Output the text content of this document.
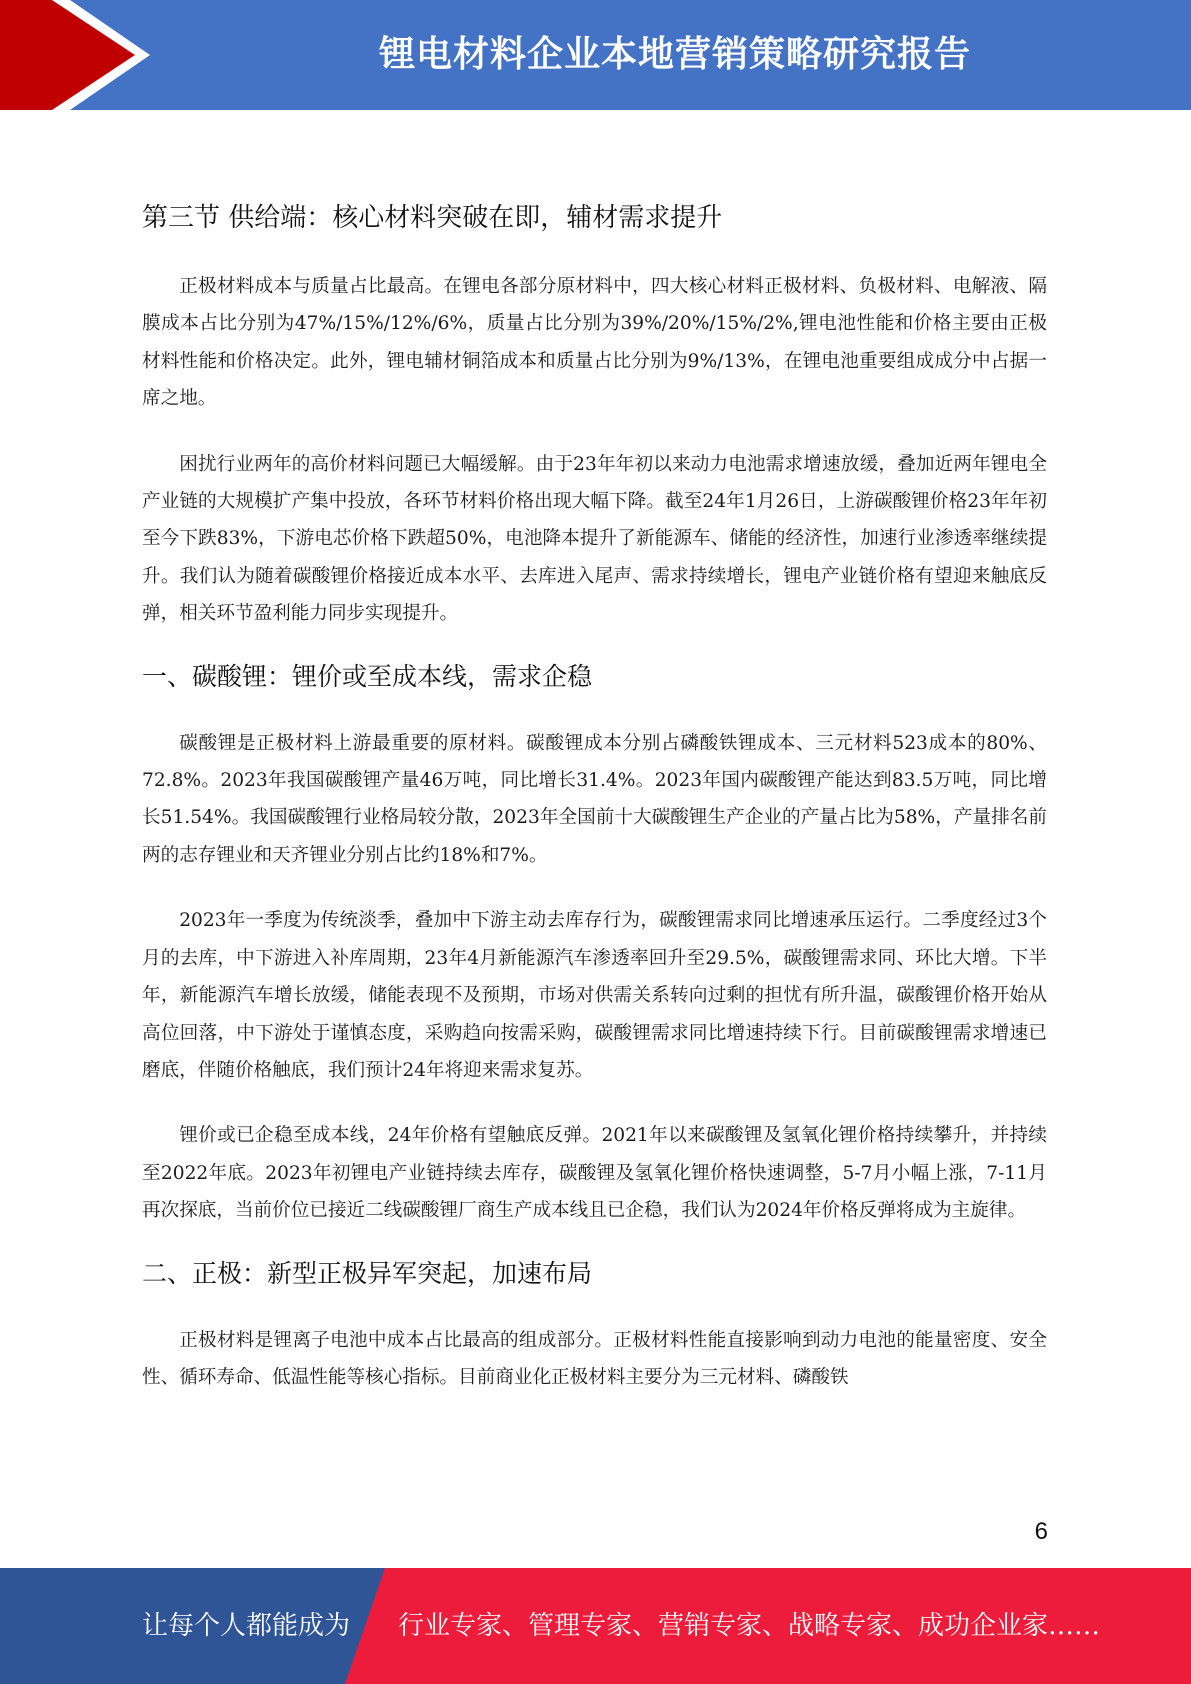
锂电材料企业本地营销策略研究报告
第三节 供给端：核心材料突破在即，辅材需求提升

正极材料成本与质量占比最高。在锂电各部分原材料中，四大核心材料正极材料、负极材料、电解液、隔膜成本占比分别为47%/15%/12%/6%，质量占比分别为39%/20%/15%/2%,锂电池性能和价格主要由正极材料性能和价格决定。此外，锂电辅材铜箔成本和质量占比分别为9%/13%，在锂电池重要组成成分中占据一席之地。

困扰行业两年的高价材料问题已大幅缓解。由于23年年初以来动力电池需求增速放缓，叠加近两年锂电全产业链的大规模扩产集中投放，各环节材料价格出现大幅下降。截至24年1月26日，上游碳酸锂价格23年年初至今下跌83%，下游电芯价格下跌超50%，电池降本提升了新能源车、储能的经济性，加速行业渗透率继续提升。我们认为随着碳酸锂价格接近成本水平、去库进入尾声、需求持续增长，锂电产业链价格有望迎来触底反弹，相关环节盈利能力同步实现提升。

一、碳酸锂：锂价或至成本线，需求企稳

碳酸锂是正极材料上游最重要的原材料。碳酸锂成本分别占磷酸铁锂成本、三元材料523成本的80%、72.8%。2023年我国碳酸锂产量46万吨，同比增长31.4%。2023年国内碳酸锂产能达到83.5万吨，同比增长51.54%。我国碳酸锂行业格局较分散，2023年全国前十大碳酸锂生产企业的产量占比为58%，产量排名前两的志存锂业和天齐锂业分别占比约18%和7%。

2023年一季度为传统淡季，叠加中下游主动去库存行为，碳酸锂需求同比增速承压运行。二季度经过3个月的去库，中下游进入补库周期，23年4月新能源汽车渗透率回升至29.5%，碳酸锂需求同、环比大增。下半年，新能源汽车增长放缓，储能表现不及预期，市场对供需关系转向过剩的担忧有所升温，碳酸锂价格开始从高位回落，中下游处于谨慎态度，采购趋向按需采购，碳酸锂需求同比增速持续下行。目前碳酸锂需求增速已磨底，伴随价格触底，我们预计24年将迎来需求复苏。

锂价或已企稳至成本线，24年价格有望触底反弹。2021年以来碳酸锂及氢氧化锂价格持续攀升，并持续至2022年底。2023年初锂电产业链持续去库存，碳酸锂及氢氧化锂价格快速调整，5-7月小幅上涨，7-11月再次探底，当前价位已接近二线碳酸锂厂商生产成本线且已企稳，我们认为2024年价格反弹将成为主旋律。

二、正极：新型正极异军突起，加速布局

正极材料是锂离子电池中成本占比最高的组成部分。正极材料性能直接影响到动力电池的能量密度、安全性、循环寿命、低温性能等核心指标。目前商业化正极材料主要分为三元材料、磷酸铁

6
让每个人都能成为 行业专家、管理专家、营销专家、战略专家、成功企业家……
